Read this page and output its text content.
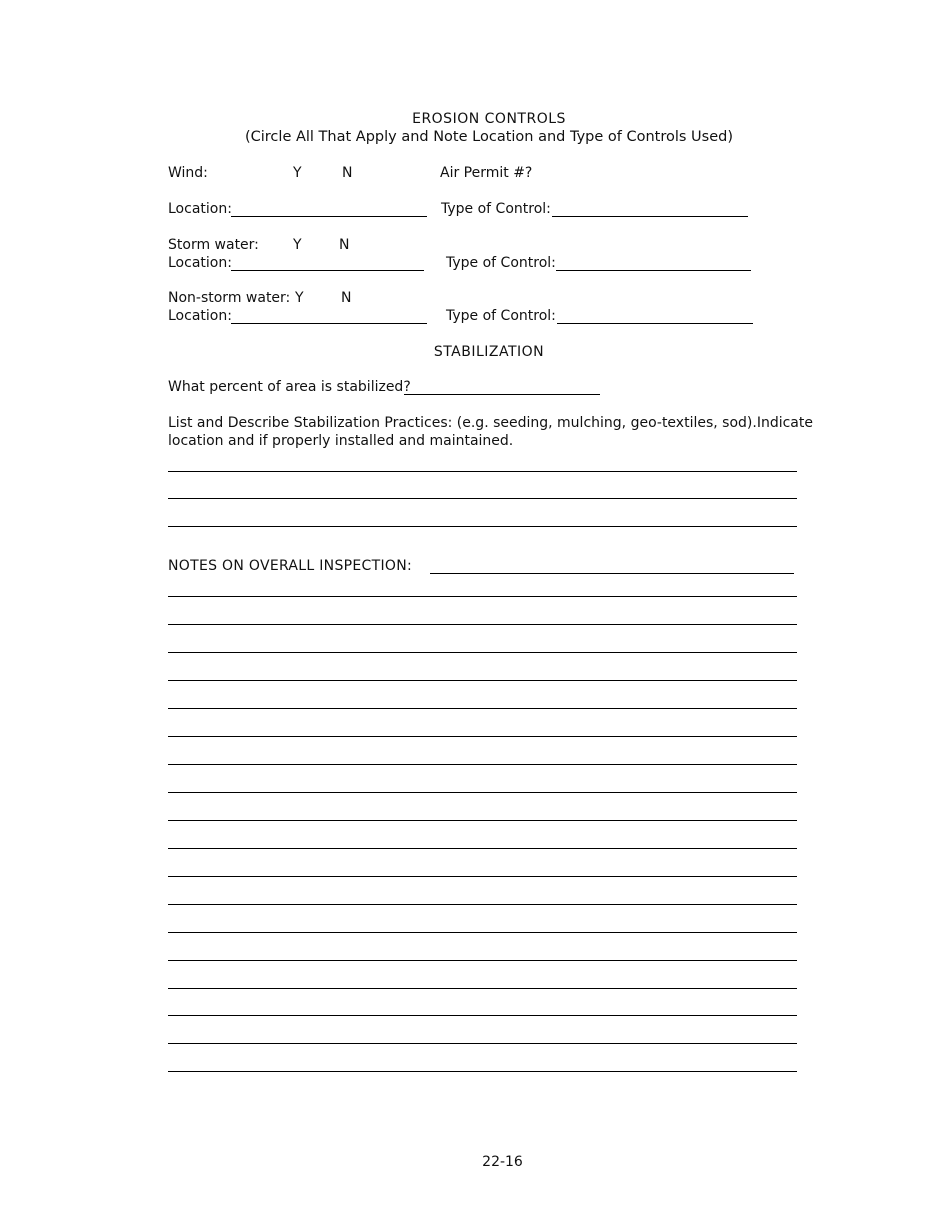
EROSION CONTROLS
(Circle All That Apply and Note Location and Type of Controls Used)
Wind:	Y	N	Air Permit #?
Location:	Type of Control:
Storm water: Y	N
Location:	Type of Control:
Non-storm water: Y	N
Location:	Type of Control:
STABILIZATION
What percent of area is stabilized?
List and Describe Stabilization Practices: (e.g. seeding, mulching, geo-textiles, sod).Indicate
location and if properly installed and maintained.
NOTES ON OVERALL INSPECTION:
22-16
